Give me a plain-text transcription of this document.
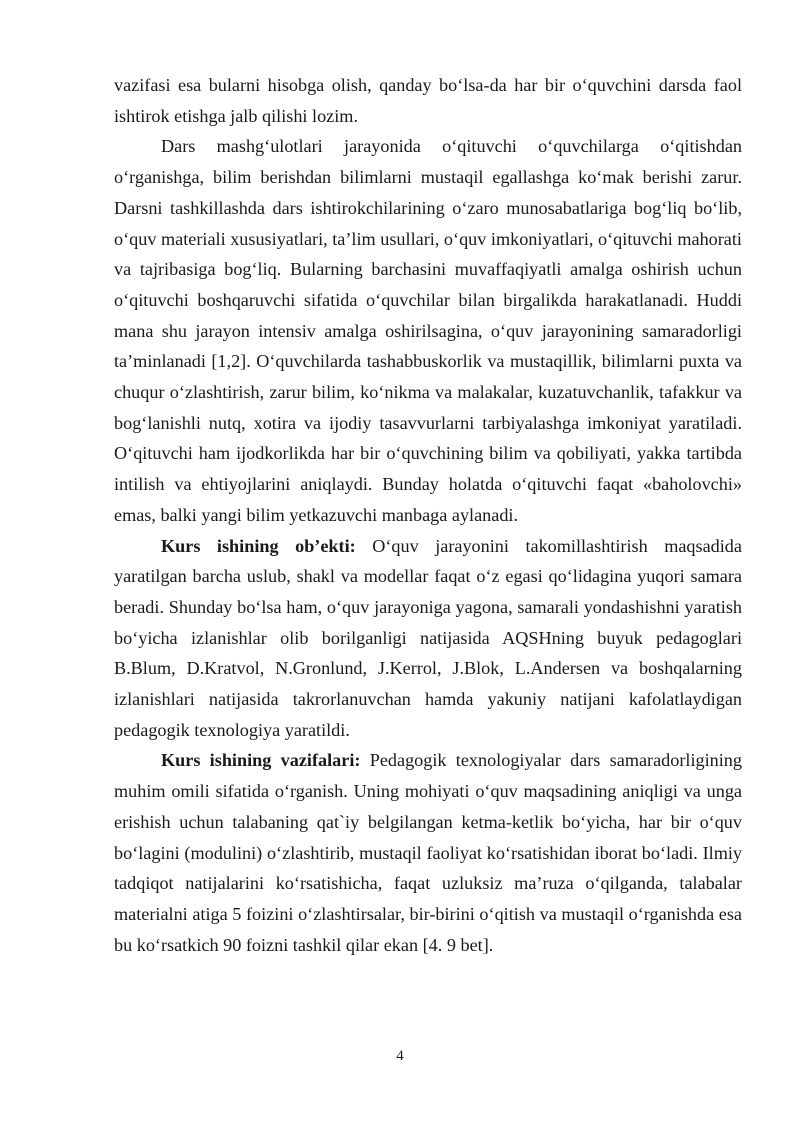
vazifasi esa bularni hisobga olish, qanday bo‘lsa-da har bir o‘quvchini darsda faol ishtirok etishga jalb qilishi lozim.

Dars mashg‘ulotlari jarayonida o‘qituvchi o‘quvchilarga o‘qitishdan o‘rganishga, bilim berishdan bilimlarni mustaqil egallashga ko‘mak berishi zarur. Darsni tashkillashda dars ishtirokchilarining o‘zaro munosabatlariga bog‘liq bo‘lib, o‘quv materiali xususiyatlari, ta’lim usullari, o‘quv imkoniyatlari, o‘qituvchi mahorati va tajribasiga bog‘liq. Bularning barchasini muvaffaqiyatli amalga oshirish uchun o‘qituvchi boshqaruvchi sifatida o‘quvchilar bilan birgalikda harakatlanadi. Huddi mana shu jarayon intensiv amalga oshirilsagina, o‘quv jarayonining samaradorligi ta’minlanadi [1,2]. O‘quvchilarda tashabbuskorlik va mustaqillik, bilimlarni puxta va chuqur o‘zlashtirish, zarur bilim, ko‘nikma va malakalar, kuzatuvchanlik, tafakkur va bog‘lanishli nutq, xotira va ijodiy tasavvurlarni tarbiyalashga imkoniyat yaratiladi. O‘qituvchi ham ijodkorlikda har bir o‘quvchining bilim va qobiliyati, yakka tartibda intilish va ehtiyojlarini aniqlaydi. Bunday holatda o‘qituvchi faqat «baholovchi» emas, balki yangi bilim yetkazuvchi manbaga aylanadi.

Kurs ishining ob’ekti: O‘quv jarayonini takomillashtirish maqsadida yaratilgan barcha uslub, shakl va modellar faqat o‘z egasi qo‘lidagina yuqori samara beradi. Shunday bo‘lsa ham, o‘quv jarayoniga yagona, samarali yondashishni yaratish bo‘yicha izlanishlar olib borilganligi natijasida AQSHning buyuk pedagoglari B.Blum, D.Kratvol, N.Gronlund, J.Kerrol, J.Blok, L.Andersen va boshqalarning izlanishlari natijasida takrorlanuvchan hamda yakuniy natijani kafolatlaydigan pedagogik texnologiya yaratildi.

Kurs ishining vazifalari: Pedagogik texnologiyalar dars samaradorligining muhim omili sifatida o‘rganish. Uning mohiyati o‘quv maqsadining aniqligi va unga erishish uchun talabaning qat`iy belgilangan ketma-ketlik bo‘yicha, har bir o‘quv bo‘lagini (modulini) o‘zlashtirib, mustaqil faoliyat ko‘rsatishidan iborat bo‘ladi. Ilmiy tadqiqot natijalarini ko‘rsatishicha, faqat uzluksiz ma’ruza o‘qilganda, talabalar materialni atiga 5 foizini o‘zlashtirsalar, bir-birini o‘qitish va mustaqil o‘rganishda esa bu ko‘rsatkich 90 foizni tashkil qilar ekan [4. 9 bet].

4
